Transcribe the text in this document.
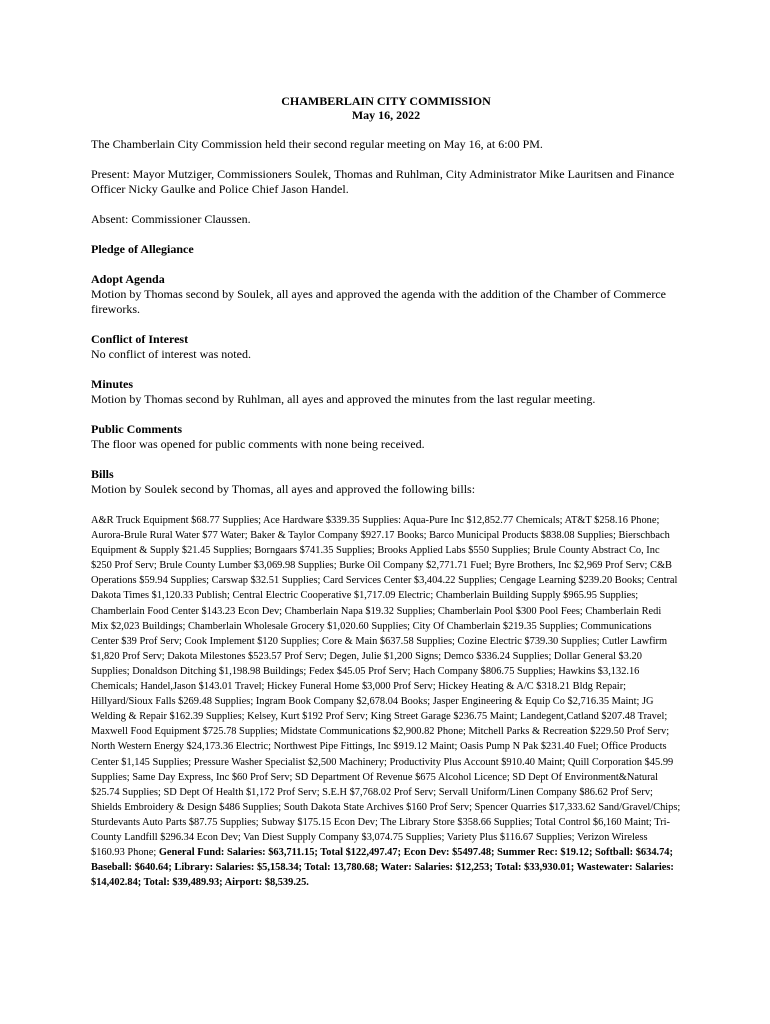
CHAMBERLAIN CITY COMMISSION
May 16, 2022

The Chamberlain City Commission held their second regular meeting on May 16, at 6:00 PM.

Present: Mayor Mutziger, Commissioners Soulek, Thomas and Ruhlman, City Administrator Mike Lauritsen and Finance Officer Nicky Gaulke and Police Chief Jason Handel.

Absent: Commissioner Claussen.

Pledge of Allegiance
Adopt Agenda
Motion by Thomas second by Soulek, all ayes and approved the agenda with the addition of the Chamber of Commerce fireworks.
Conflict of Interest
No conflict of interest was noted.
Minutes
Motion by Thomas second by Ruhlman, all ayes and approved the minutes from the last regular meeting.
Public Comments
The floor was opened for public comments with none being received.
Bills
Motion by Soulek second by Thomas, all ayes and approved the following bills:

A&R Truck Equipment $68.77 Supplies; Ace Hardware $339.35 Supplies: Aqua-Pure Inc $12,852.77 Chemicals; AT&T $258.16 Phone; Aurora-Brule Rural Water $77 Water; Baker & Taylor Company $927.17 Books; Barco Municipal Products $838.08 Supplies; Bierschbach Equipment & Supply $21.45 Supplies; Borngaars $741.35 Supplies; Brooks Applied Labs $550 Supplies; Brule County Abstract Co, Inc $250 Prof Serv; Brule County Lumber $3,069.98 Supplies; Burke Oil Company $2,771.71 Fuel; Byre Brothers, Inc $2,969 Prof Serv; C&B Operations $59.94 Supplies; Carswap $32.51 Supplies; Card Services Center $3,404.22 Supplies; Cengage Learning $239.20 Books; Central Dakota Times $1,120.33 Publish; Central Electric Cooperative $1,717.09 Electric; Chamberlain Building Supply $965.95 Supplies; Chamberlain Food Center $143.23 Econ Dev; Chamberlain Napa $19.32 Supplies; Chamberlain Pool $300 Pool Fees; Chamberlain Redi Mix $2,023 Buildings; Chamberlain Wholesale Grocery $1,020.60 Supplies; City Of Chamberlain $219.35 Supplies; Communications Center $39 Prof Serv; Cook Implement $120 Supplies; Core & Main $637.58 Supplies; Cozine Electric $739.30 Supplies; Cutler Lawfirm $1,820 Prof Serv; Dakota Milestones $523.57 Prof Serv; Degen, Julie $1,200 Signs; Demco $336.24 Supplies; Dollar General $3.20 Supplies; Donaldson Ditching $1,198.98 Buildings; Fedex $45.05 Prof Serv; Hach Company $806.75 Supplies; Hawkins $3,132.16 Chemicals; Handel,Jason $143.01 Travel; Hickey Funeral Home $3,000 Prof Serv; Hickey Heating & A/C $318.21 Bldg Repair; Hillyard/Sioux Falls $269.48 Supplies; Ingram Book Company $2,678.04 Books; Jasper Engineering & Equip Co $2,716.35 Maint; JG Welding & Repair $162.39 Supplies; Kelsey, Kurt $192 Prof Serv; King Street Garage $236.75 Maint; Landegent,Catland $207.48 Travel; Maxwell Food Equipment $725.78 Supplies; Midstate Communications $2,900.82 Phone; Mitchell Parks & Recreation $229.50 Prof Serv; North Western Energy $24,173.36 Electric; Northwest Pipe Fittings, Inc $919.12 Maint; Oasis Pump N Pak $231.40 Fuel; Office Products Center $1,145 Supplies; Pressure Washer Specialist $2,500 Machinery; Productivity Plus Account $910.40 Maint; Quill Corporation $45.99 Supplies; Same Day Express, Inc $60 Prof Serv; SD Department Of Revenue $675 Alcohol Licence; SD Dept Of Environment&Natural $25.74 Supplies; SD Dept Of Health $1,172 Prof Serv; S.E.H $7,768.02 Prof Serv; Servall Uniform/Linen Company $86.62 Prof Serv; Shields Embroidery & Design $486 Supplies; South Dakota State Archives $160 Prof Serv; Spencer Quarries $17,333.62 Sand/Gravel/Chips; Sturdevants Auto Parts $87.75 Supplies; Subway $175.15 Econ Dev; The Library Store $358.66 Supplies; Total Control $6,160 Maint; Tri-County Landfill $296.34 Econ Dev; Van Diest Supply Company $3,074.75 Supplies; Variety Plus $116.67 Supplies; Verizon Wireless $160.93 Phone; General Fund: Salaries: $63,711.15; Total $122,497.47; Econ Dev: $5497.48; Summer Rec: $19.12; Softball: $634.74; Baseball: $640.64; Library: Salaries: $5,158.34; Total: 13,780.68; Water: Salaries: $12,253; Total: $33,930.01; Wastewater: Salaries: $14,402.84; Total: $39,489.93; Airport: $8,539.25.
